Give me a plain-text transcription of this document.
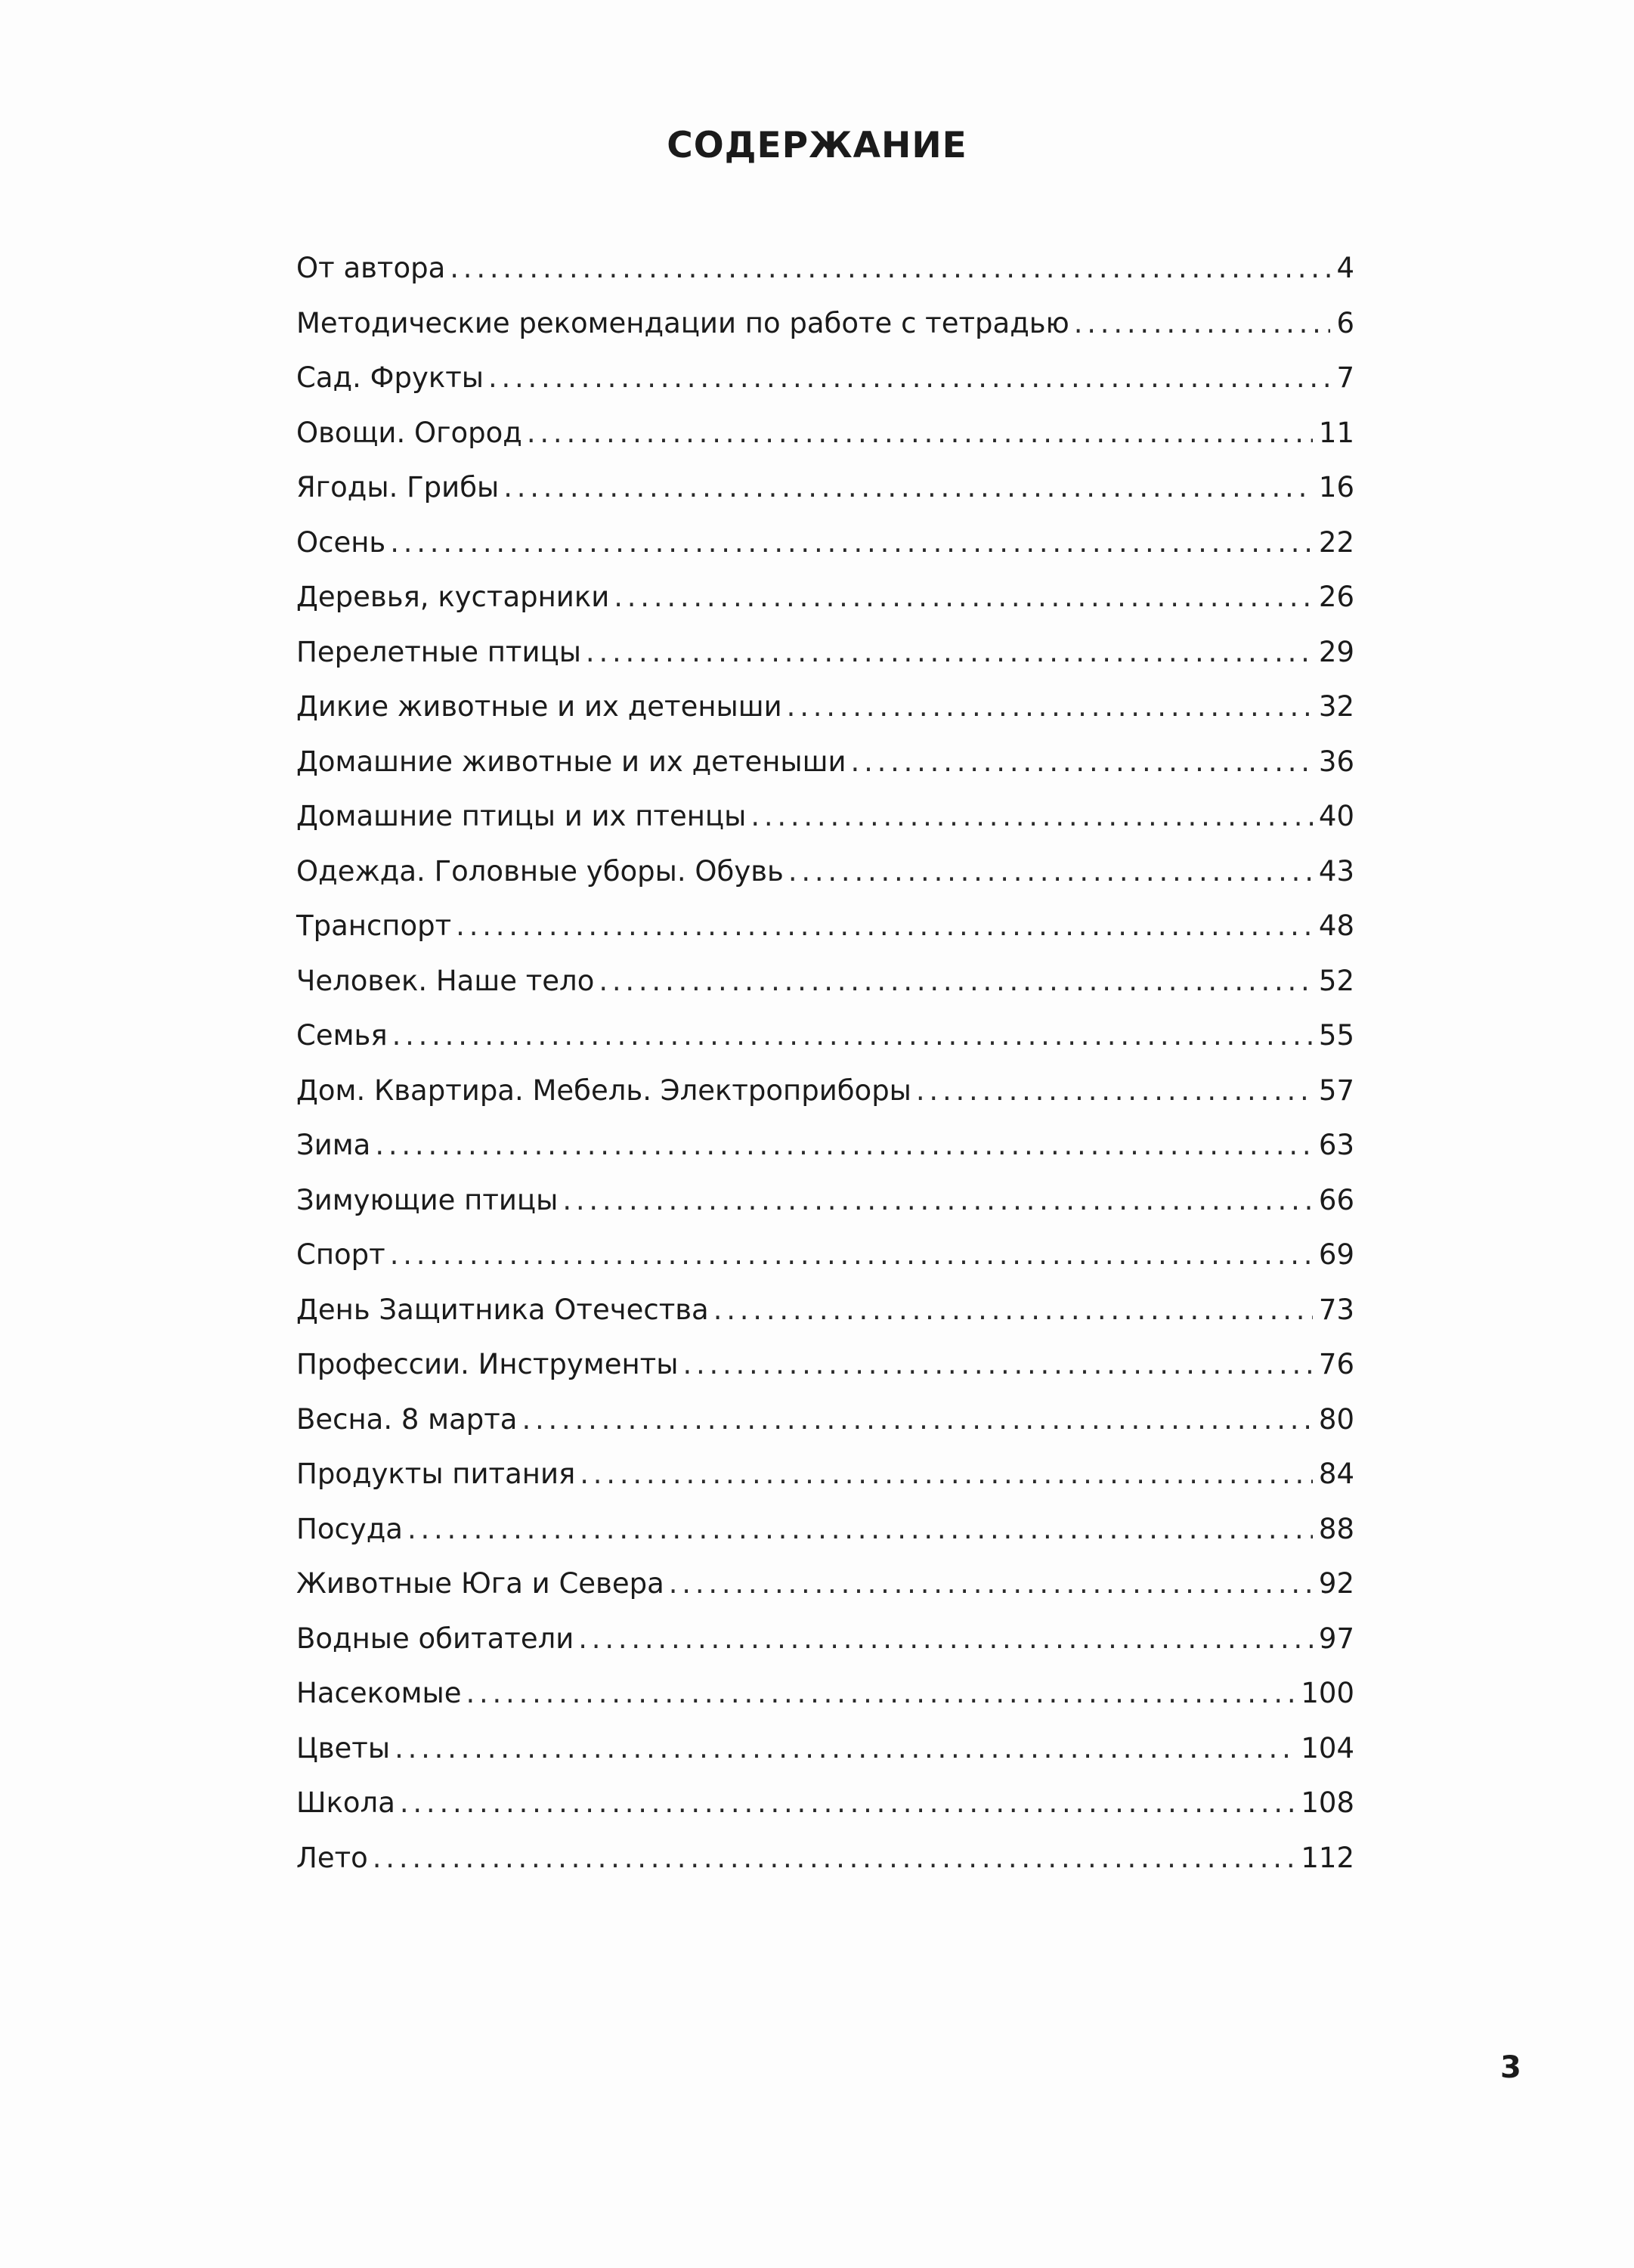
СОДЕРЖАНИЕ
От автора . . .	4
Методические рекомендации по работе с тетрадью . . .	6
Сад. Фрукты . . .	7
Овощи. Огород . . .	11
Ягоды. Грибы . . .	16
Осень . . .	22
Деревья, кустарники . . .	26
Перелетные птицы . . .	29
Дикие животные и их детеныши . . .	32
Домашние животные и их детеныши . . .	36
Домашние птицы и их птенцы . . .	40
Одежда. Головные уборы. Обувь . . .	43
Транспорт . . .	48
Человек. Наше тело . . .	52
Семья . . .	55
Дом. Квартира. Мебель. Электроприборы . . .	57
Зима . . .	63
Зимующие птицы . . .	66
Спорт . . .	69
День Защитника Отечества . . .	73
Профессии. Инструменты . . .	76
Весна. 8 марта . . .	80
Продукты питания . . .	84
Посуда . . .	88
Животные Юга и Севера . . .	92
Водные обитатели . . .	97
Насекомые . . .	100
Цветы . . .	104
Школа . . .	108
Лето . . .	112
3
